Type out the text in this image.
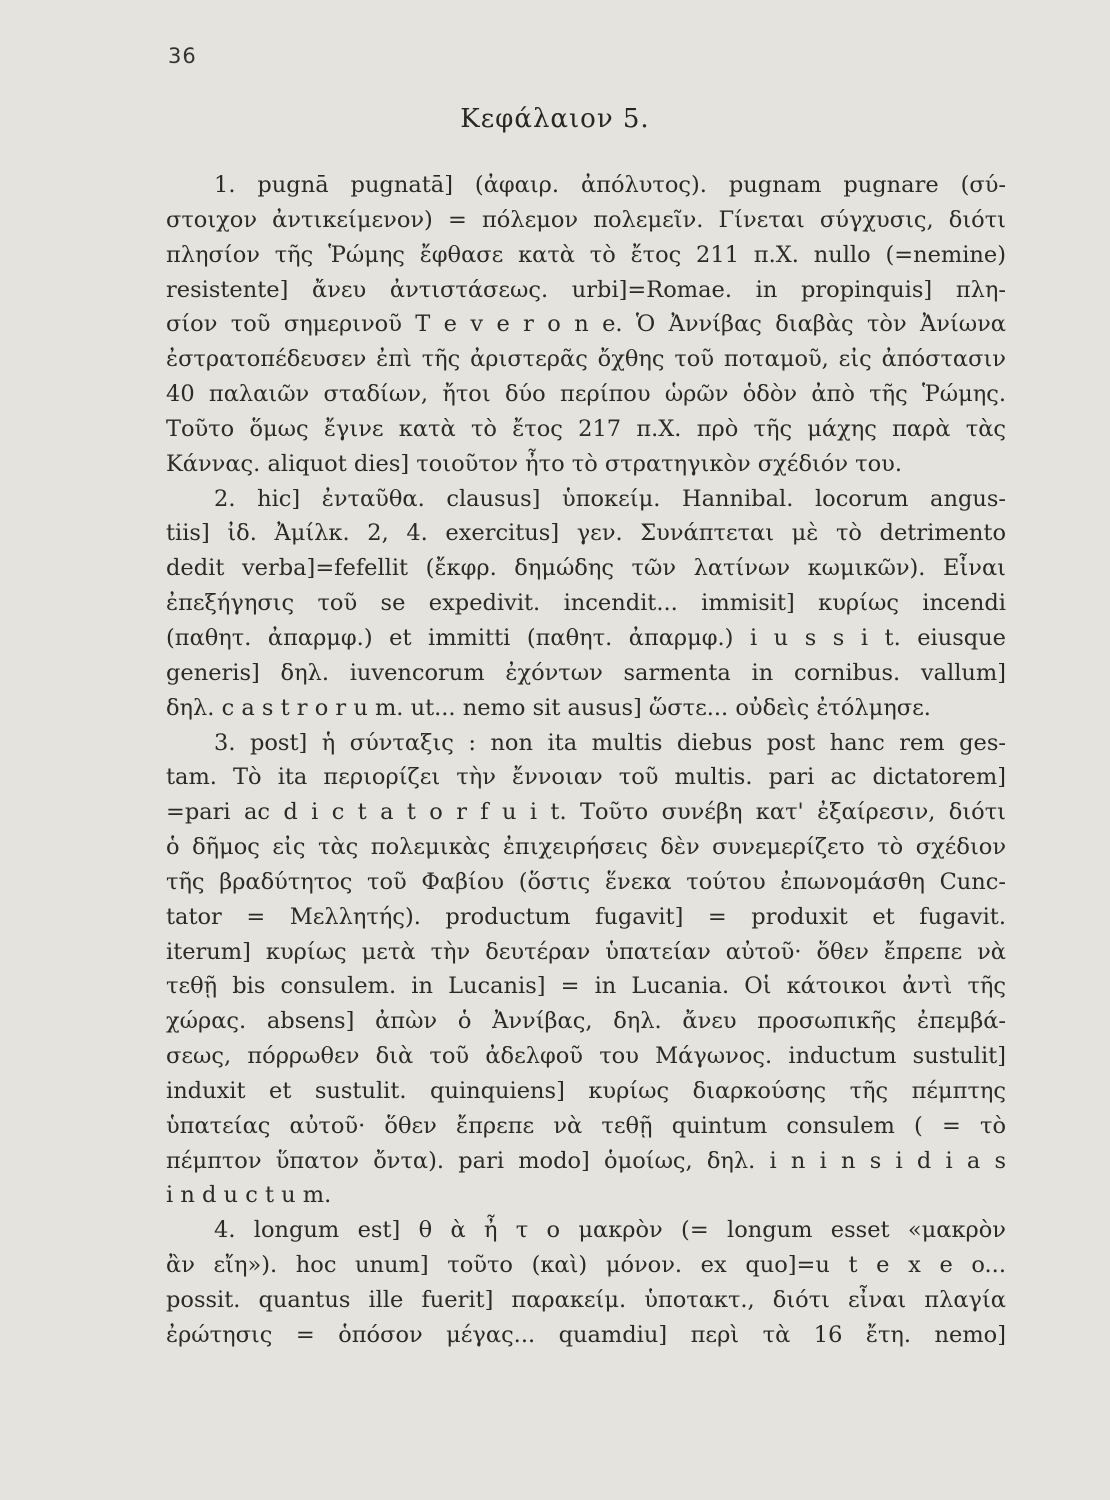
36
Κεφάλαιον 5.
1. pugnā pugnatā] (ἀφαιρ. ἀπόλυτος). pugnam pugnare (σύ-
στοιχον ἀντικείμενον) = πόλεμον πολεμεῖν. Γίνεται σύγχυσις, διότι
πλησίον τῆς Ῥώμης ἔφθασε κατὰ τὸ ἔτος 211 π.Χ. nullo (=nemine)
resistente] ἄνευ ἀντιστάσεως. urbi]=Romae. in propinquis] πλη-
σίον τοῦ σημερινοῦ T e v e r o n e. Ὁ Ἀννίβας διαβὰς τὸν Ἀνίωνα
ἐστρατοπέδευσεν ἐπὶ τῆς ἀριστερᾶς ὄχθης τοῦ ποταμοῦ, εἰς ἀπόστασιν
40 παλαιῶν σταδίων, ἤτοι δύο περίπου ὡρῶν ὁδὸν ἀπὸ τῆς Ῥώμης.
Τοῦτο ὅμως ἔγινε κατὰ τὸ ἔτος 217 π.Χ. πρὸ τῆς μάχης παρὰ τὰς
Κάννας. aliquot dies] τοιοῦτον ἦτο τὸ στρατηγικὸν σχέδιόν του.
2. hic] ἐνταῦθα. clausus] ὑποκείμ. Hannibal. locorum angus-
tiis] ἰδ. Ἀμίλκ. 2, 4. exercitus] γεν. Συνάπτεται μὲ τὸ detrimento
dedit verba]=fefellit (ἔκφρ. δημώδης τῶν λατίνων κωμικῶν). Εἶναι
ἐπεξήγησις τοῦ se expedivit. incendit... immisit] κυρίως incendi
(παθητ. ἀπαρμφ.) et immitti (παθητ. ἀπαρμφ.) i u s s i t. eiusque
generis] δηλ. iuvencorum ἐχόντων sarmenta in cornibus. vallum]
δηλ. c a s t r o r u m. ut... nemo sit ausus] ὥστε... οὐδεὶς ἐτόλμησε.
3. post] ἡ σύνταξις : non ita multis diebus post hanc rem ges-
tam. Τὸ ita περιορίζει τὴν ἔννοιαν τοῦ multis. pari ac dictatorem]
=pari ac d i c t a t o r f u i t. Τοῦτο συνέβη κατ' ἐξαίρεσιν, διότι
ὁ δῆμος εἰς τὰς πολεμικὰς ἐπιχειρήσεις δὲν συνεμερίζετο τὸ σχέδιον
τῆς βραδύτητος τοῦ Φαβίου (ὅστις ἕνεκα τούτου ἐπωνομάσθη Cunc-
tator = Μελλητής). productum fugavit] = produxit et fugavit.
iterum] κυρίως μετὰ τὴν δευτέραν ὑπατείαν αὐτοῦ· ὅθεν ἔπρεπε νὰ
τεθῇ bis consulem. in Lucanis] = in Lucania. Οἱ κάτοικοι ἀντὶ τῆς
χώρας. absens] ἀπὼν ὁ Ἀννίβας, δηλ. ἄνευ προσωπικῆς ἐπεμβά-
σεως, πόρρωθεν διὰ τοῦ ἀδελφοῦ του Μάγωνος. inductum sustulit]
induxit et sustulit. quinquiens] κυρίως διαρκούσης τῆς πέμπτης
ὑπατείας αὐτοῦ· ὅθεν ἔπρεπε νὰ τεθῇ quintum consulem ( = τὸ
πέμπτον ὕπατον ὄντα). pari modo] ὁμοίως, δηλ. i n i n s i d i a s
i n d u c t u m.
4. longum est] θ ὰ ἦ τ ο μακρὸν (= longum esset «μακρὸν
ἂν εἴη»). hoc unum] τοῦτο (καὶ) μόνον. ex quo]=u t e x e o...
possit. quantus ille fuerit] παρακείμ. ὑποτακτ., διότι εἶναι πλαγία
ἐρώτησις = ὁπόσον μέγας... quamdiu] περὶ τὰ 16 ἔτη. nemo]
